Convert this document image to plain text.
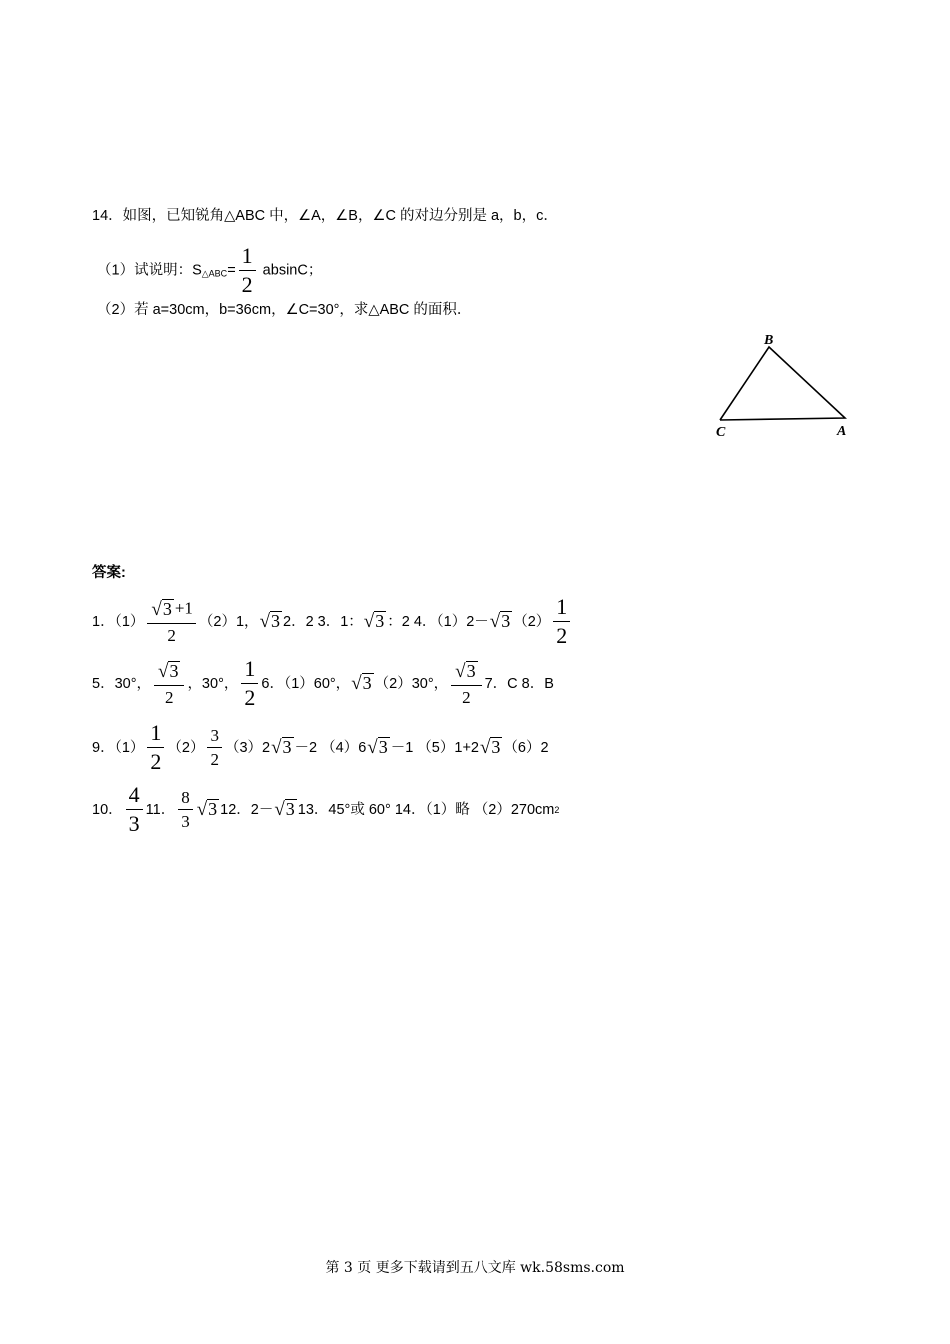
14．如图，已知锐角△ABC 中，∠A，∠B，∠C 的对边分别是 a，b，c．
（1）试说明：$S_{\triangle ABC}= \frac{1}{2}$ absinC；
（2）若 a=30cm，b=36cm，∠C=30°，求△ABC 的面积．
B
C	A
答案:
1．$(1) \frac{√3 +1}{2} (2)1$， √3 2．2 3．1： √3 ：2 4．（1）2－ √3 $(2) \frac{1}{2}$
5．30°， $\frac{√3}{2}$ ，30°， $\frac{1}{2} 6$．（1）60°， √3 （2）30°， $\frac{√3}{2} 7$．C 8．B
9．$(1) \frac{1}{2} (2) \frac{3}{2} (3)2$ √3 －2 （4）6 √3 －1 （5）1+2 √3 （6）2
10． $\frac{4}{3} 11$． $\frac{8}{3} √3$ 12．2－ √3 13．45°或 60° 14．（1）略 （2）270cm 2
第 3 页 更多下载请到五八文库 wk.58sms.com
